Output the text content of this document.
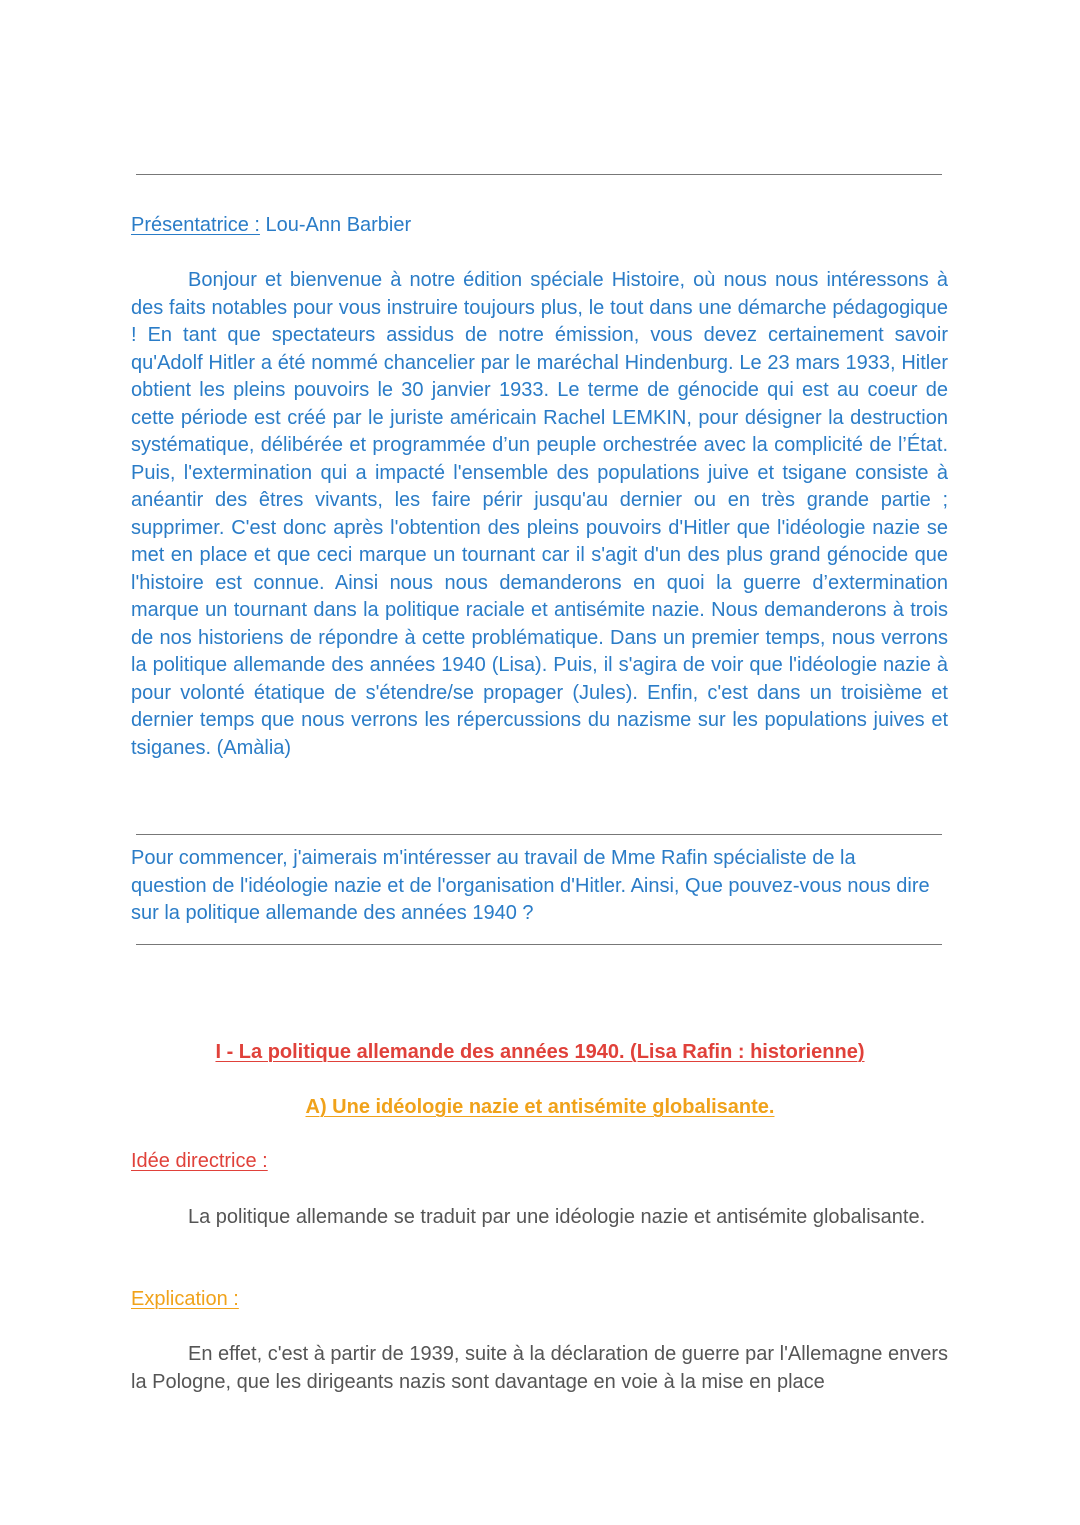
Présentatrice : Lou-Ann Barbier
Bonjour et bienvenue à notre édition spéciale Histoire, où nous nous intéressons à des faits notables pour vous instruire toujours plus, le tout dans une démarche pédagogique ! En tant que spectateurs assidus de notre émission, vous devez certainement savoir qu'Adolf Hitler a été nommé chancelier par le maréchal Hindenburg. Le 23 mars 1933, Hitler obtient les pleins pouvoirs le 30 janvier 1933. Le terme de génocide qui est au coeur de cette période est créé par le juriste américain Rachel LEMKIN, pour désigner la destruction systématique, délibérée et programmée d’un peuple orchestrée avec la complicité de l’État. Puis, l'extermination qui a impacté l'ensemble des populations juive et tsigane consiste à anéantir des êtres vivants, les faire périr jusqu'au dernier ou en très grande partie ; supprimer. C'est donc après l'obtention des pleins pouvoirs d'Hitler que l'idéologie nazie se met en place et que ceci marque un tournant car il s'agit d'un des plus grand génocide que l'histoire est connue. Ainsi nous nous demanderons en quoi la guerre d’extermination marque un tournant dans la politique raciale et antisémite nazie. Nous demanderons à trois de nos historiens de répondre à cette problématique. Dans un premier temps, nous verrons la politique allemande des années 1940 (Lisa). Puis, il s'agira de voir que l'idéologie nazie à pour volonté étatique de s'étendre/se propager (Jules). Enfin, c'est dans un troisième et dernier temps que nous verrons les répercussions du nazisme sur les populations juives et tsiganes. (Amàlia)
Pour commencer, j'aimerais m'intéresser au travail de Mme Rafin spécialiste de la question de l'idéologie nazie et de l'organisation d'Hitler. Ainsi, Que pouvez-vous nous dire sur la politique allemande des années 1940 ?
I - La politique allemande des années 1940. (Lisa Rafin : historienne)
A) Une idéologie nazie et antisémite globalisante.
Idée directrice :
La politique allemande se traduit par une idéologie nazie et antisémite globalisante.
Explication :
En effet, c'est à partir de 1939, suite à la déclaration de guerre par l'Allemagne envers la Pologne, que les dirigeants nazis sont davantage en voie à la mise en place
